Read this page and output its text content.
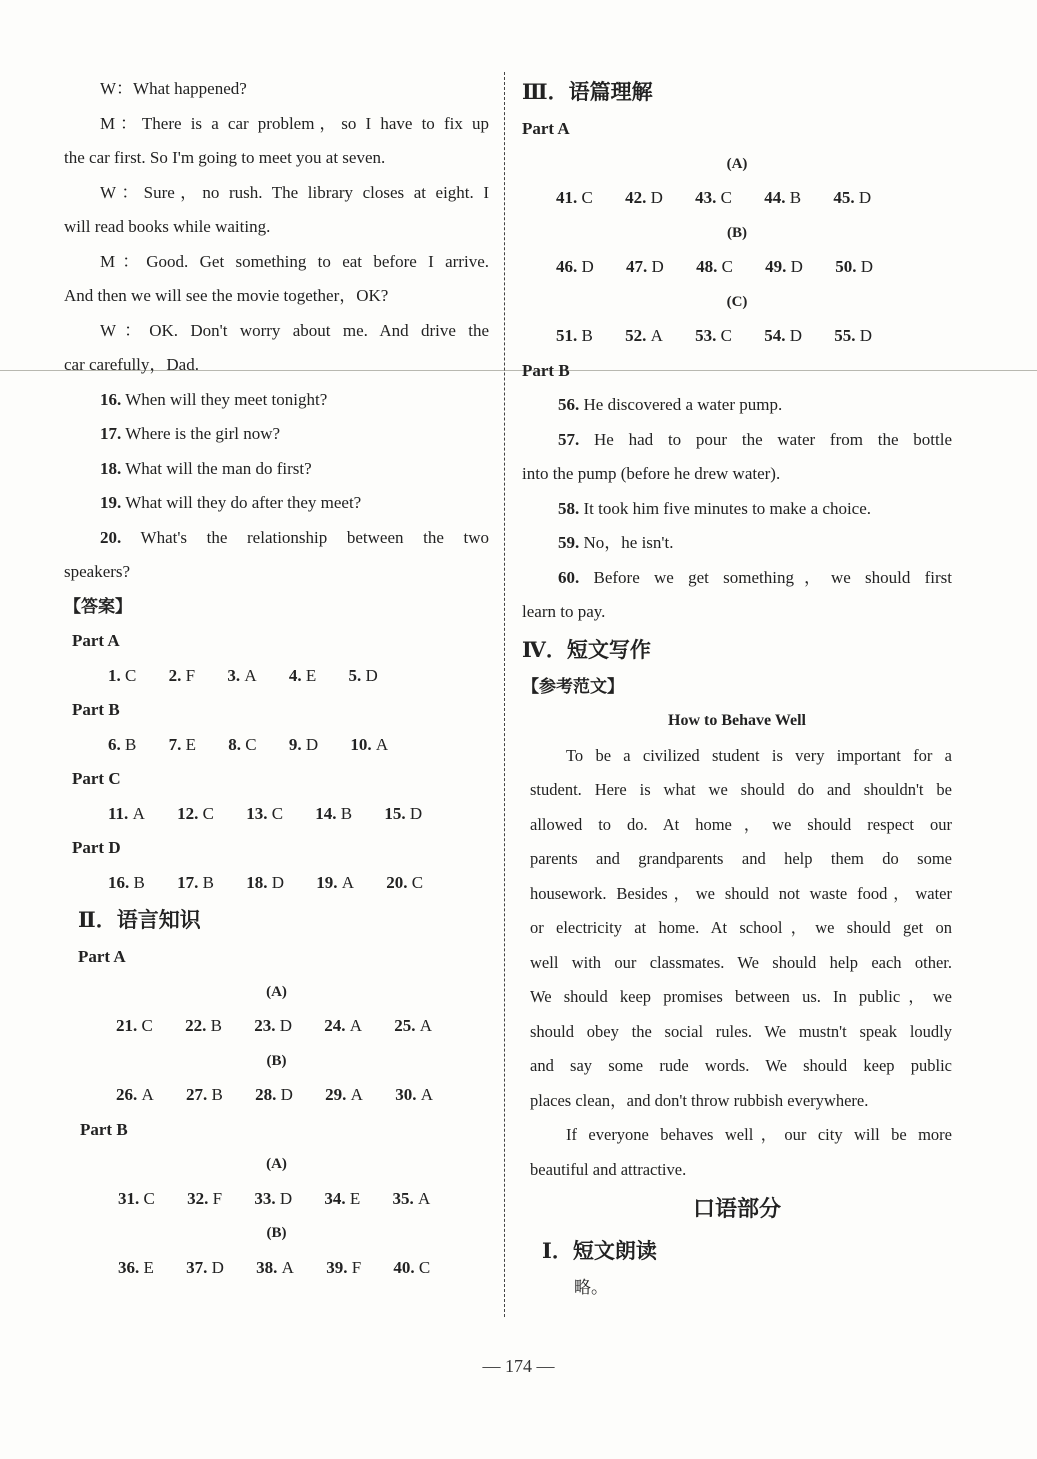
W：What happened?
M：There is a car problem，so I have to fix up
the car first. So I'm going to meet you at seven.
W：Sure，no rush. The library closes at eight. I
will read books while waiting.
M：Good. Get something to eat before I arrive.
And then we will see the movie together，OK?
W：OK. Don't worry about me. And drive the
car carefully，Dad.
16. When will they meet tonight?
17. Where is the girl now?
18. What will the man do first?
19. What will they do after they meet?
20. What's the relationship between the two
speakers?
【答案】
Part A
1. C 2. F 3. A 4. E 5. D
Part B
6. B 7. E 8. C 9. D 10. A
Part C
11. A 12. C 13. C 14. B 15. D
Part D
16. B 17. B 18. D 19. A 20. C
Ⅱ．语言知识
Part A
(A)
21. C 22. B 23. D 24. A 25. A
(B)
26. A 27. B 28. D 29. A 30. A
Part B
(A)
31. C 32. F 33. D 34. E 35. A
(B)
36. E 37. D 38. A 39. F 40. C
Ⅲ．语篇理解
Part A
(A)
41. C 42. D 43. C 44. B 45. D
(B)
46. D 47. D 48. C 49. D 50. D
(C)
51. B 52. A 53. C 54. D 55. D
Part B
56. He discovered a water pump.
57. He had to pour the water from the bottle
into the pump (before he drew water).
58. It took him five minutes to make a choice.
59. No，he isn't.
60. Before we get something，we should first
learn to pay.
Ⅳ．短文写作
【参考范文】
How to Behave Well
To be a civilized student is very important for a
student. Here is what we should do and shouldn't be
allowed to do. At home，we should respect our
parents and grandparents and help them do some
housework. Besides，we should not waste food，water
or electricity at home. At school，we should get on
well with our classmates. We should help each other.
We should keep promises between us. In public，we
should obey the social rules. We mustn't speak loudly
and say some rude words. We should keep public
places clean，and don't throw rubbish everywhere.
If everyone behaves well，our city will be more
beautiful and attractive.
口语部分
Ⅰ．短文朗读
略。
— 174 —
